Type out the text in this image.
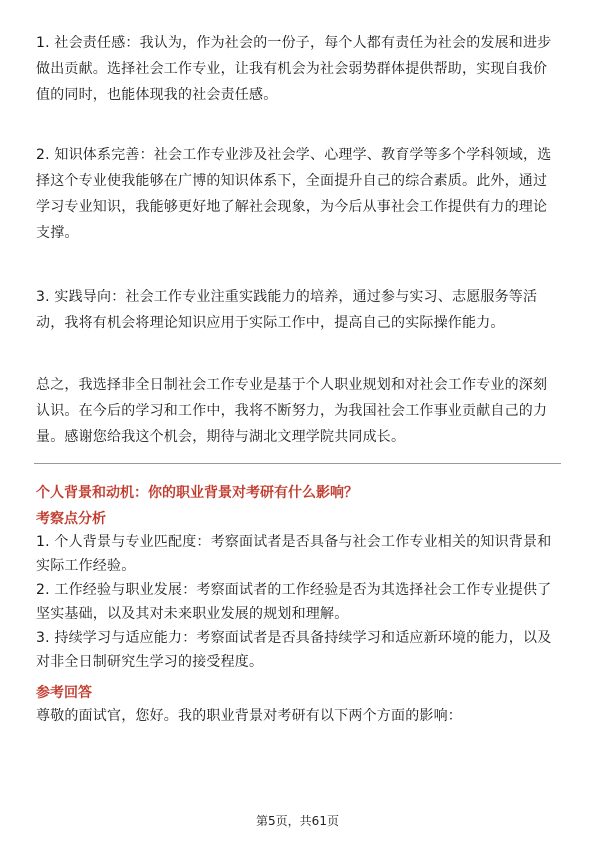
1. 社会责任感：我认为，作为社会的一份子，每个人都有责任为社会的发展和进步做出贡献。选择社会工作专业，让我有机会为社会弱势群体提供帮助，实现自我价值的同时，也能体现我的社会责任感。

2. 知识体系完善：社会工作专业涉及社会学、心理学、教育学等多个学科领域，选择这个专业使我能够在广博的知识体系下，全面提升自己的综合素质。此外，通过学习专业知识，我能够更好地了解社会现象，为今后从事社会工作提供有力的理论支撑。

3. 实践导向：社会工作专业注重实践能力的培养，通过参与实习、志愿服务等活动，我将有机会将理论知识应用于实际工作中，提高自己的实际操作能力。

总之，我选择非全日制社会工作专业是基于个人职业规划和对社会工作专业的深刻认识。在今后的学习和工作中，我将不断努力，为我国社会工作事业贡献自己的力量。感谢您给我这个机会，期待与湖北文理学院共同成长。

个人背景和动机：你的职业背景对考研有什么影响？

考察点分析

1. 个人背景与专业匹配度：考察面试者是否具备与社会工作专业相关的知识背景和实际工作经验。

2. 工作经验与职业发展：考察面试者的工作经验是否为其选择社会工作专业提供了坚实基础，以及其对未来职业发展的规划和理解。

3. 持续学习与适应能力：考察面试者是否具备持续学习和适应新环境的能力，以及对非全日制研究生学习的接受程度。

参考回答

尊敬的面试官，您好。我的职业背景对考研有以下两个方面的影响：

第5页，共61页
